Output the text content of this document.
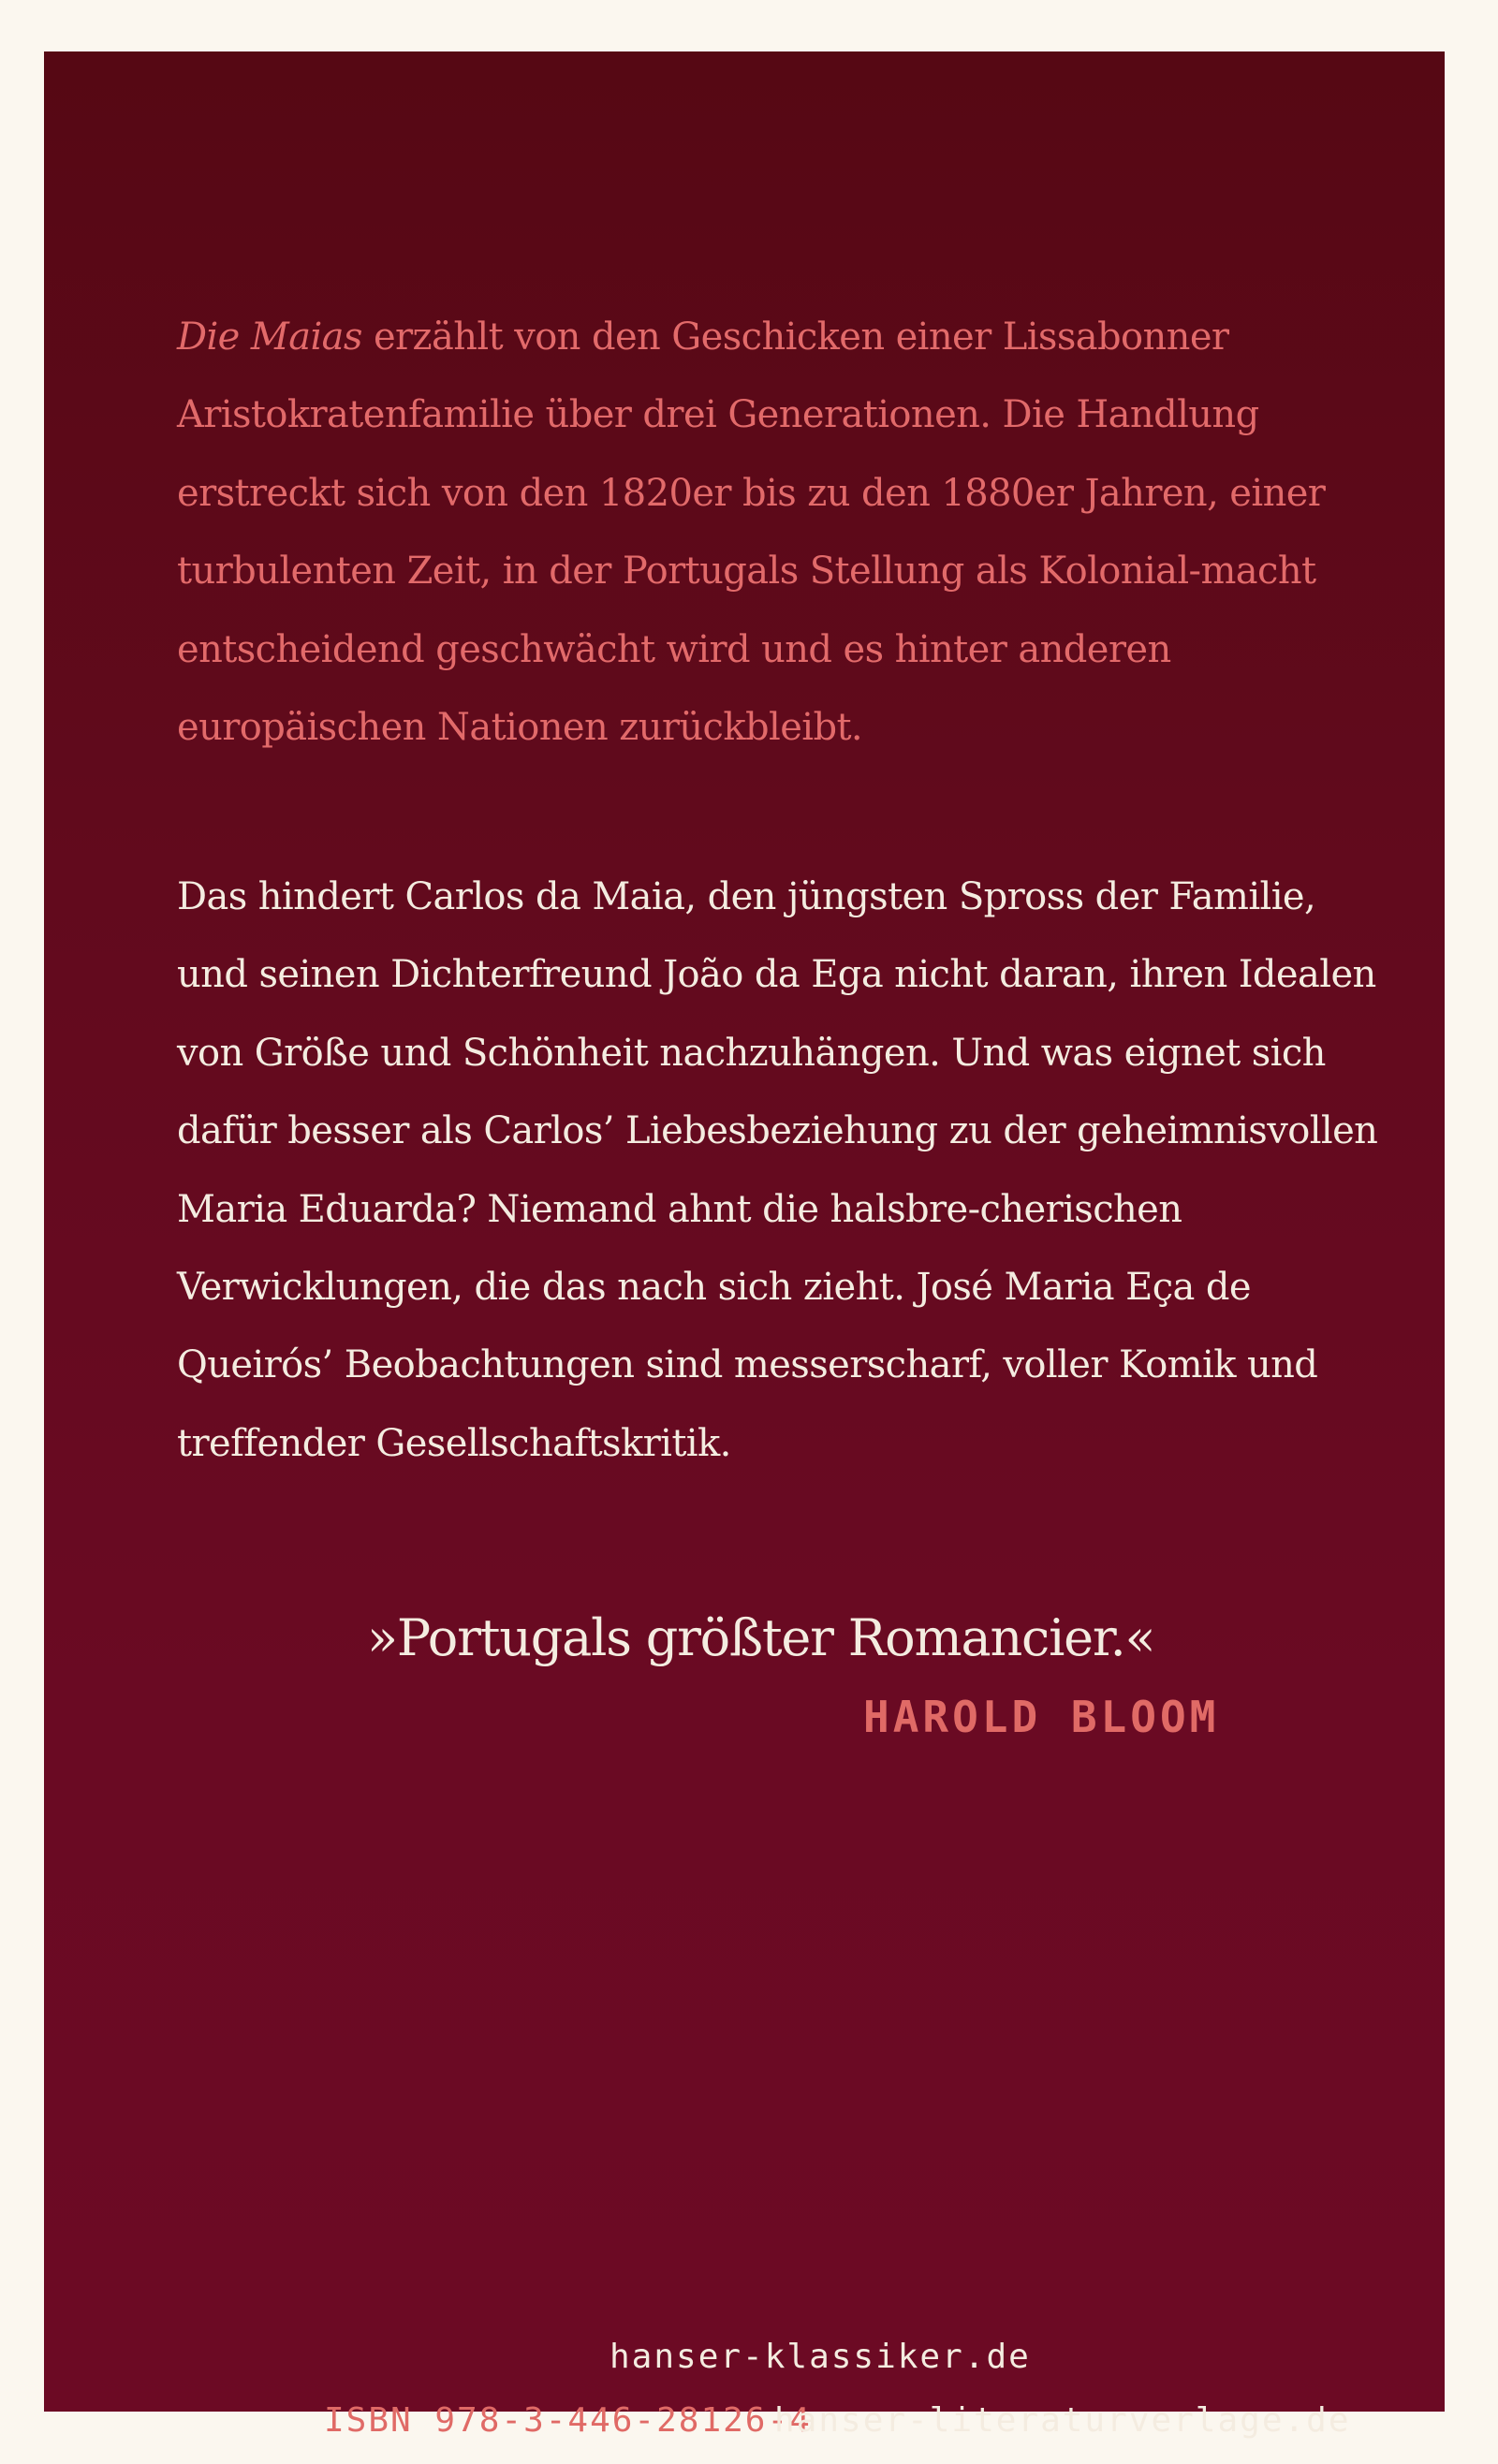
Die Maias erzählt von den Geschicken einer Lissabonner Aristokratenfamilie über drei Generationen. Die Handlung erstreckt sich von den 1820er bis zu den 1880er Jahren, einer turbulenten Zeit, in der Portugals Stellung als Kolonial-macht entscheidend geschwächt wird und es hinter anderen europäischen Nationen zurückbleibt.

Das hindert Carlos da Maia, den jüngsten Spross der Familie, und seinen Dichterfreund João da Ega nicht daran, ihren Idealen von Größe und Schönheit nachzuhängen. Und was eignet sich dafür besser als Carlos’ Liebesbeziehung zu der geheimnisvollen Maria Eduarda? Niemand ahnt die halsbre-cherischen Verwicklungen, die das nach sich zieht. José Maria Eça de Queirós’ Beobachtungen sind messerscharf, voller Komik und treffender Gesellschaftskritik.

»Portugals größter Romancier.«

HAROLD BLOOM
hanser-klassiker.de
ISBN 978-3-446-28126-4
hanser-literaturverlage.de
